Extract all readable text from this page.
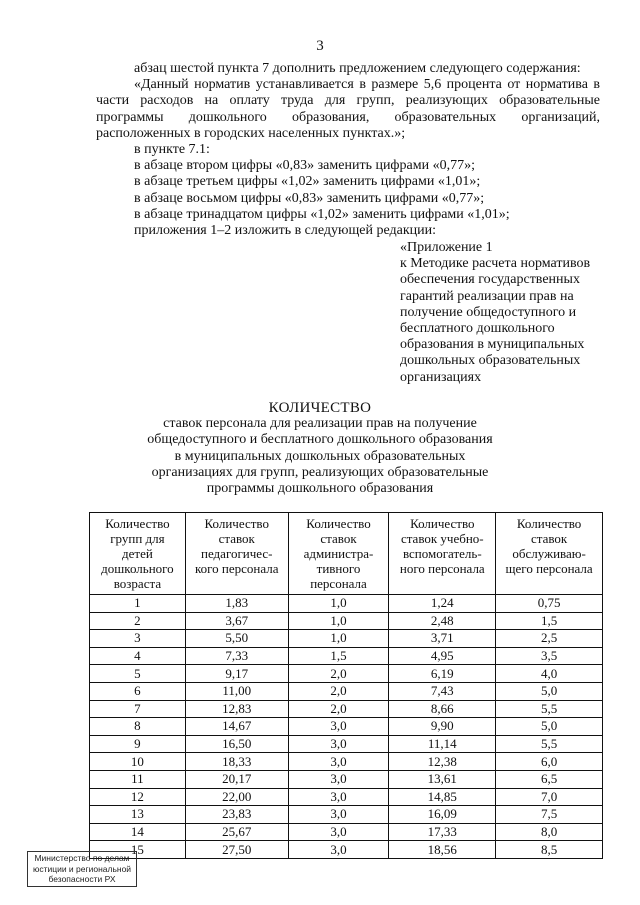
3

абзац шестой пункта 7 дополнить предложением следующего содержания:

«Данный норматив устанавливается в размере 5,6 процента от норматива в

части расходов на оплату труда для групп, реализующих образовательные

программы дошкольного образования, образовательных организаций,

расположенных в городских населенных пунктах.»;

в пункте 7.1:

в абзаце втором цифры «0,83» заменить цифрами «0,77»;

в абзаце третьем цифры «1,02» заменить цифрами «1,01»;

в абзаце восьмом цифры «0,83» заменить цифрами «0,77»;

в абзаце тринадцатом цифры «1,02» заменить цифрами «1,01»;

приложения 1–2 изложить в следующей редакции:

«Приложение 1
к Методике расчета нормативов
обеспечения государственных
гарантий реализации прав на
получение общедоступного и
бесплатного дошкольного
образования в муниципальных
дошкольных образовательных
организациях
КОЛИЧЕСТВО
ставок персонала для реализации прав на получение
общедоступного и бесплатного дошкольного образования
в муниципальных дошкольных образовательных
организациях для групп, реализующих образовательные
программы дошкольного образования
Количество
групп для
детей
дошкольного
возраста	Количество
ставок
педагогичес-
кого персонала	Количество
ставок
администра-
тивного
персонала	Количество
ставок учебно-
вспомогатель-
ного персонала	Количество
ставок
обслуживаю-
щего персонала

1	1,83	1,0	1,24	0,75
2	3,67	1,0	2,48	1,5
3	5,50	1,0	3,71	2,5
4	7,33	1,5	4,95	3,5
5	9,17	2,0	6,19	4,0
6	11,00	2,0	7,43	5,0
7	12,83	2,0	8,66	5,5
8	14,67	3,0	9,90	5,0
9	16,50	3,0	11,14	5,5
10	18,33	3,0	12,38	6,0
11	20,17	3,0	13,61	6,5
12	22,00	3,0	14,85	7,0
13	23,83	3,0	16,09	7,5
14	25,67	3,0	17,33	8,0
15	27,50	3,0	18,56	8,5
Министерство по делам
юстиции и региональной
безопасности РХ
